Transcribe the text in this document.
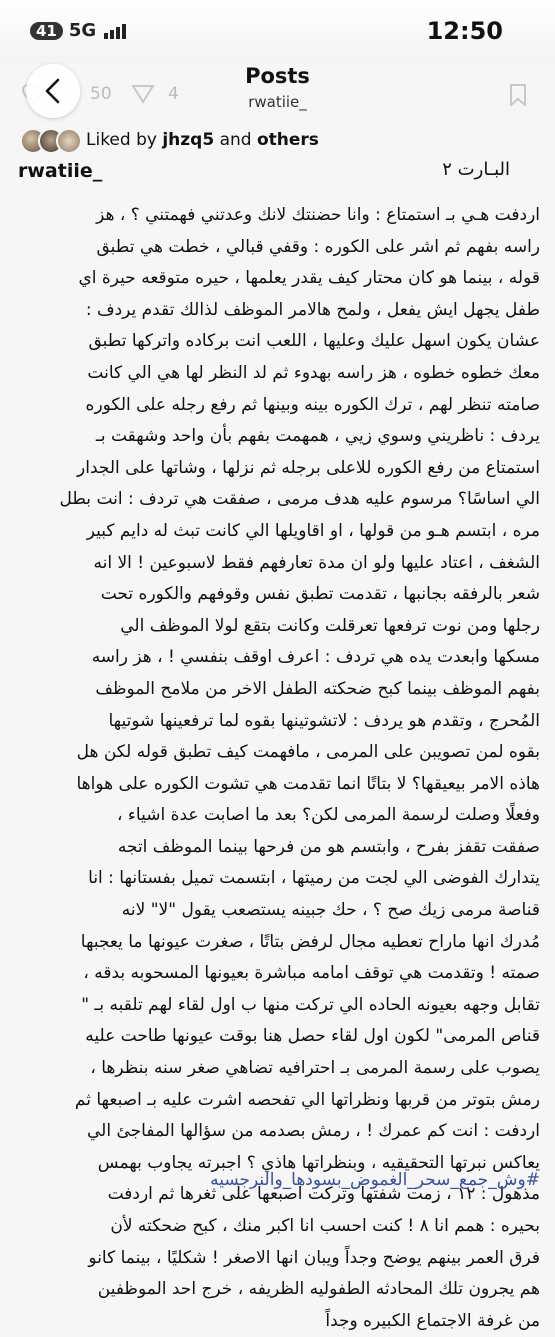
41 5G	12:50
50	4
Posts
rwatiie_
Liked by jhzq5 and others
rwatiie_	البـارت ٢

اردفت هـي بـ استمتاع : وانا حضنتك لانك وعدتني فهمتني ؟ ، هز

راسه بفهم ثم اشر على الكوره : وقفي قبالي ، خطت هي تطبق

قوله ، بينما هو كان محتار كيف يقدر يعلمها ، حيره متوقعه حيرة اي

طفل يجهل ايش يفعل ، ولمح هالامر الموظف لذالك تقدم يردف :

عشان يكون اسهل عليك وعليها ، اللعب انت بركاده واتركها تطبق

معك خطوه خطوه ، هز راسه بهدوء ثم لد النظر لها هي الي كانت

صامته تنظر لهم ، ترك الكوره بينه وبينها ثم رفع رجله على الكوره

يردف : ناظريني وسوي زيي ، همهمت بفهم بأن واحد وشهقت بـ

استمتاع من رفع الكوره للاعلى برجله ثم نزلها ، وشاتها على الجدار

الي اساسًا؟ مرسوم عليه هدف مرمى ، صفقت هي تردف : انت بطل

مره ، ابتسم هـو من قولها ، او اقاويلها الي كانت تبث له دايم كبير

الشغف ، اعتاد عليها ولو ان مدة تعارفهم فقط لاسبوعين ! الا انه

شعر بالرفقه بجانبها ، تقدمت تطبق نفس وقوفهم والكوره تحت

رجلها ومن نوت ترفعها تعرقلت وكانت بتقع لولا الموظف الي

مسكها وابعدت يده هي تردف : اعرف اوقف بنفسي ! ، هز راسه

بفهم الموظف بينما كبح ضحكته الطفل الاخر من ملامح الموظف

المُحرج ، وتقدم هو يردف : لاتشوتينها بقوه لما ترفعينها شوتيها

بقوه لمن تصويبن على المرمى ، مافهمت كيف تطبق قوله لكن هل

هاذه الامر بيعيقها؟ لا بتاتًا انما تقدمت هي تشوت الكوره على هواها

وفعلًا وصلت لرسمة المرمى لكن؟ بعد ما اصابت عدة اشياء ،

صفقت تقفز بفرح ، وابتسم هو من فرحها بينما الموظف اتجه

يتدارك الفوضى الي لجت من رميتها ، ابتسمت تميل بفستانها : انا

قناصة مرمى زيك صح ؟ ، حك جبينه يستصعب يقول "لا" لانه

مُدرك انها ماراح تعطيه مجال لرفض بتاتًا ، صغرت عيونها ما يعجبها

صمته ! وتقدمت هي توقف امامه مباشرة بعيونها المسحوبه بدقه ،

تقابل وجهه بعيونه الحاده الي تركت منها ب اول لقاء لهم تلقبه بـ "

قناص المرمى" لكون اول لقاء حصل هنا بوقت عيونها طاحت عليه

يصوب على رسمة المرمى بـ احترافيه تضاهي صغر سنه بنظرها ،

رمش بتوتر من قربها ونظراتها الي تفحصه اشرت عليه بـ اصبعها ثم

اردفت : انت كم عمرك ! ، رمش بصدمه من سؤالها المفاجئ الي

يعاكس نبرتها التحقيقيه ، وبنظراتها هاذي ؟ اجبرته يجاوب بهمس

مذهول : ١٢ ، زمت شفتها وتركت اصبعها على ثغرها ثم اردفت

بحيره : همم انا ٨ ! كنت احسب انا اكبر منك ، كبح ضحكته لأن

فرق العمر بينهم يوضح وجداً ويبان انها الاصغر ! شكليًا ، بينما كانو

هم يجرون تلك المحادثه الطفوليه الظريفه ، خرج احد الموظفين

من غرفة الاجتماع الكبيره وجداً

#وش_جمع_سحر_الغموض_بسودها_والنرجسيه
